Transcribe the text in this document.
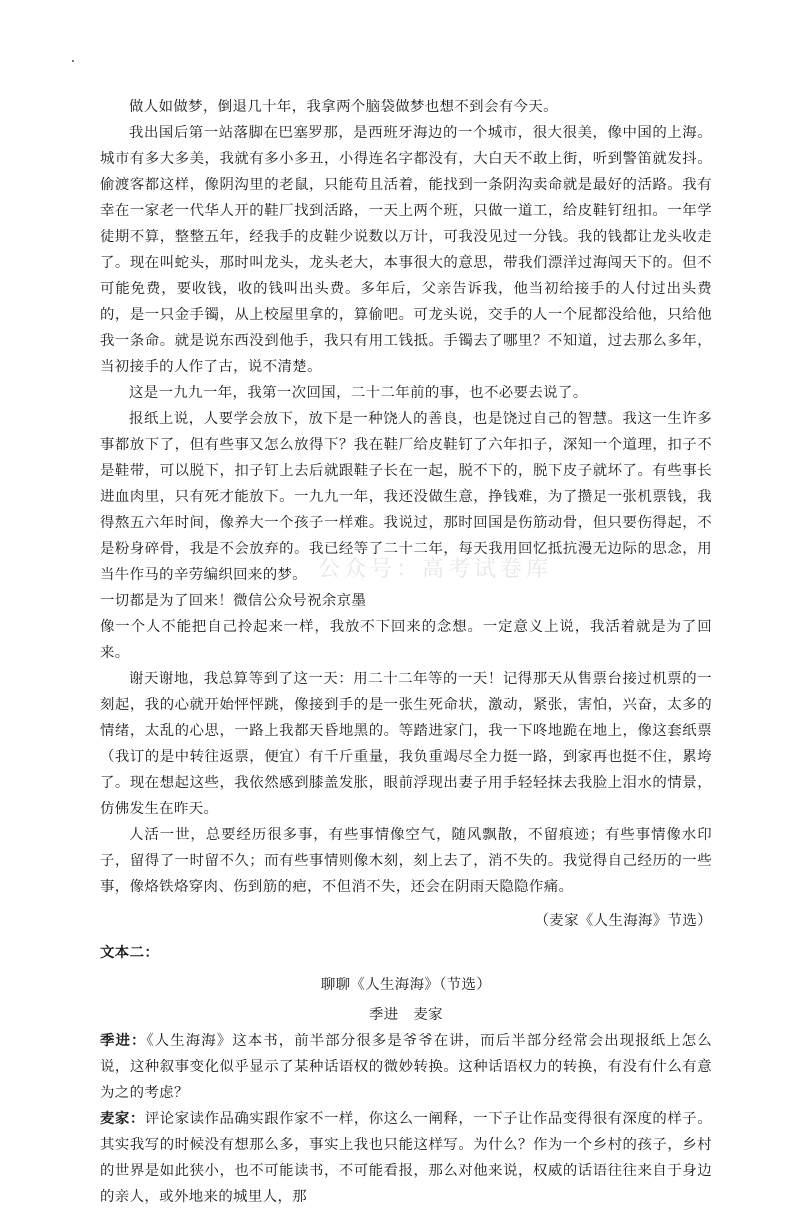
做人如做梦，倒退几十年，我拿两个脑袋做梦也想不到会有今天。

我出国后第一站落脚在巴塞罗那，是西班牙海边的一个城市，很大很美，像中国的上海。城市有多大多美，我就有多小多丑，小得连名字都没有，大白天不敢上街，听到警笛就发抖。偷渡客都这样，像阴沟里的老鼠，只能苟且活着，能找到一条阴沟卖命就是最好的活路。我有幸在一家老一代华人开的鞋厂找到活路，一天上两个班，只做一道工，给皮鞋钉纽扣。一年学徒期不算，整整五年，经我手的皮鞋少说数以万计，可我没见过一分钱。我的钱都让龙头收走了。现在叫蛇头，那时叫龙头，龙头老大，本事很大的意思，带我们漂洋过海闯天下的。但不可能免费，要收钱，收的钱叫出头费。多年后，父亲告诉我，他当初给接手的人付过出头费的，是一只金手镯，从上校屋里拿的，算偷吧。可龙头说，交手的人一个屁都没给他，只给他我一条命。就是说东西没到他手，我只有用工钱抵。手镯去了哪里？不知道，过去那么多年，当初接手的人作了古，说不清楚。

这是一九九一年，我第一次回国，二十二年前的事，也不必要去说了。

报纸上说，人要学会放下，放下是一种饶人的善良，也是饶过自己的智慧。我这一生许多事都放下了，但有些事又怎么放得下？我在鞋厂给皮鞋钉了六年扣子，深知一个道理，扣子不是鞋带，可以脱下，扣子钉上去后就跟鞋子长在一起，脱不下的，脱下皮子就坏了。有些事长进血肉里，只有死才能放下。一九九一年，我还没做生意，挣钱难，为了攒足一张机票钱，我得熬五六年时间，像养大一个孩子一样难。我说过，那时回国是伤筋动骨，但只要伤得起，不是粉身碎骨，我是不会放弃的。我已经等了二十二年，每天我用回忆抵抗漫无边际的思念，用当牛作马的辛劳编织回来的梦。

一切都是为了回来！微信公众号祝余京墨

像一个人不能把自己拎起来一样，我放不下回来的念想。一定意义上说，我活着就是为了回来。

谢天谢地，我总算等到了这一天：用二十二年等的一天！记得那天从售票台接过机票的一刻起，我的心就开始怦怦跳，像接到手的是一张生死命状，激动，紧张，害怕，兴奋，太多的情绪，太乱的心思，一路上我都天昏地黑的。等踏进家门，我一下咚地跪在地上，像这套纸票（我订的是中转往返票，便宜）有千斤重量，我负重竭尽全力挺一路，到家再也挺不住，累垮了。现在想起这些，我依然感到膝盖发胀，眼前浮现出妻子用手轻轻抹去我脸上泪水的情景，仿佛发生在昨天。

人活一世，总要经历很多事，有些事情像空气，随风飘散，不留痕迹；有些事情像水印子，留得了一时留不久；而有些事情则像木刻，刻上去了，消不失的。我觉得自己经历的一些事，像烙铁烙穿肉、伤到筋的疤，不但消不失，还会在阴雨天隐隐作痛。

（麦家《人生海海》节选）

文本二：

聊聊《人生海海》（节选）

季进　麦家

季进：《人生海海》这本书，前半部分很多是爷爷在讲，而后半部分经常会出现报纸上怎么说，这种叙事变化似乎显示了某种话语权的微妙转换。这种话语权力的转换，有没有什么有意为之的考虑？

麦家：评论家读作品确实跟作家不一样，你这么一阐释，一下子让作品变得很有深度的样子。其实我写的时候没有想那么多，事实上我也只能这样写。为什么？作为一个乡村的孩子，乡村的世界是如此狭小，也不可能读书，不可能看报，那么对他来说，权威的话语往往来自于身边的亲人，或外地来的城里人，那

公众号：高考试卷库
